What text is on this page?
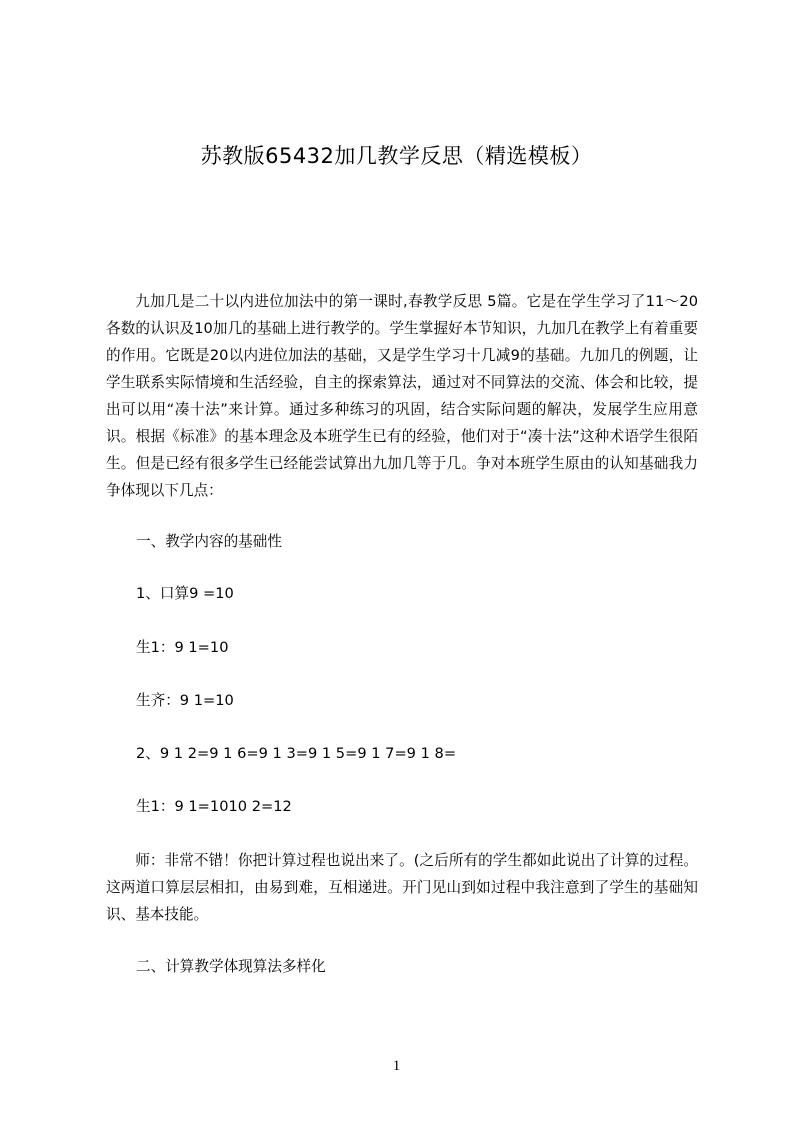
苏教版65432加几教学反思（精选模板）

九加几是二十以内进位加法中的第一课时,春教学反思 5篇。它是在学生学习了11～20各数的认识及10加几的基础上进行教学的。学生掌握好本节知识，九加几在教学上有着重要的作用。它既是20以内进位加法的基础，又是学生学习十几减9的基础。九加几的例题，让学生联系实际情境和生活经验，自主的探索算法，通过对不同算法的交流、体会和比较，提出可以用“凑十法”来计算。通过多种练习的巩固，结合实际问题的解决，发展学生应用意识。根据《标准》的基本理念及本班学生已有的经验，他们对于“凑十法”这种术语学生很陌生。但是已经有很多学生已经能尝试算出九加几等于几。争对本班学生原由的认知基础我力争体现以下几点：

一、教学内容的基础性

1、口算9 =10

生1：9 1=10

生齐：9 1=10

2、9 1 2=9 1 6=9 1 3=9 1 5=9 1 7=9 1 8=

生1：9 1=1010 2=12

师：非常不错！你把计算过程也说出来了。(之后所有的学生都如此说出了计算的过程。这两道口算层层相扣，由易到难，互相递进。开门见山到如过程中我注意到了学生的基础知识、基本技能。

二、计算教学体现算法多样化

1
